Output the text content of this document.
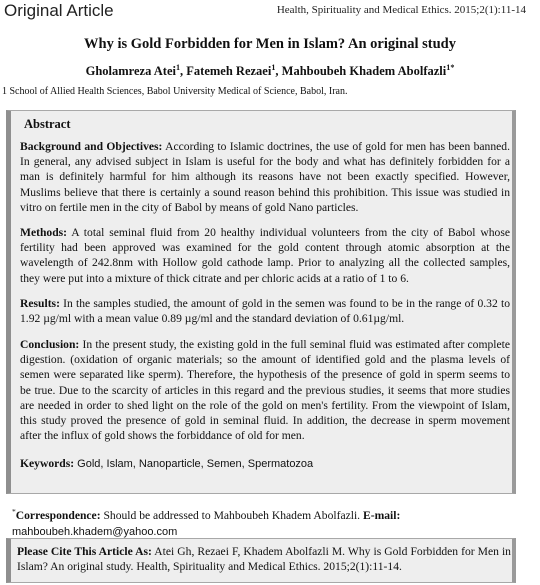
Original Article	Health, Spirituality and Medical Ethics. 2015;2(1):11-14
Why is Gold Forbidden for Men in Islam? An original study
Gholamreza Atei$^1$, Fatemeh Rezaei$^1$, Mahboubeh Khadem Abolfazli$^{1*}$
1 School of Allied Health Sciences, Babol University Medical of Science, Babol, Iran.
Abstract
Background and Objectives: According to Islamic doctrines, the use of gold for men has been banned. In general, any advised subject in Islam is useful for the body and what has definitely forbidden for a man is definitely harmful for him although its reasons have not been exactly specified. However, Muslims believe that there is certainly a sound reason behind this prohibition. This issue was studied in vitro on fertile men in the city of Babol by means of gold Nano particles.
Methods: A total seminal fluid from 20 healthy individual volunteers from the city of Babol whose fertility had been approved was examined for the gold content through atomic absorption at the wavelength of 242.8nm with Hollow gold cathode lamp. Prior to analyzing all the collected samples, they were put into a mixture of thick citrate and per chloric acids at a ratio of 1 to 6.
Results: In the samples studied, the amount of gold in the semen was found to be in the range of 0.32 to 1.92 µg/ml with a mean value 0.89 µg/ml and the standard deviation of 0.61µg/ml.
Conclusion: In the present study, the existing gold in the full seminal fluid was estimated after complete digestion. (oxidation of organic materials; so the amount of identified gold and the plasma levels of semen were separated like sperm). Therefore, the hypothesis of the presence of gold in sperm seems to be true. Due to the scarcity of articles in this regard and the previous studies, it seems that more studies are needed in order to shed light on the role of the gold on men's fertility. From the viewpoint of Islam, this study proved the presence of gold in seminal fluid. In addition, the decrease in sperm movement after the influx of gold shows the forbiddance of old for men.
Keywords: Gold, Islam, Nanoparticle, Semen, Spermatozoa
*Correspondence: Should be addressed to Mahboubeh Khadem Abolfazli. E-mail:
mahboubeh.khadem@yahoo.com
Please Cite This Article As: Atei Gh, Rezaei F, Khadem Abolfazli M. Why is Gold Forbidden for Men in Islam? An original study. Health, Spirituality and Medical Ethics. 2015;2(1):11-14.
